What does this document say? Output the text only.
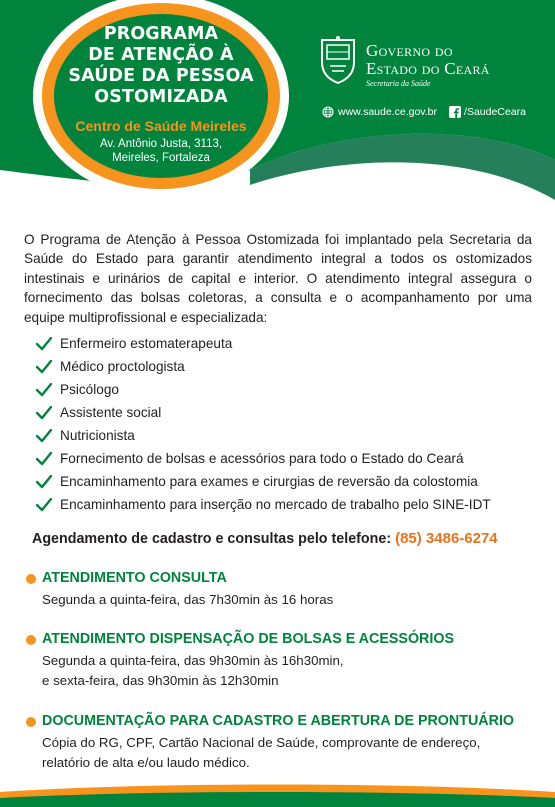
PROGRAMA
DE ATENÇÃO À
SAÚDE DA PESSOA
OSTOMIZADA
Centro de Saúde Meireles
Av. Antônio Justa, 3113,
Meireles, Fortaleza
Governo do
Estado do Ceará
Secretaria da Saúde
www.saude.ce.gov.br	/SaudeCeara

O Programa de Atenção à Pessoa Ostomizada foi implantado pela Secretaria da Saúde do Estado para garantir atendimento integral a todos os ostomizados intestinais e urinários de capital e interior. O atendimento integral assegura o fornecimento das bolsas coletoras, a consulta e o acompanhamento por uma equipe multiprofissional e especializada:

Enfermeiro estomaterapeuta
Médico proctologista
Psicólogo
Assistente social
Nutricionista
Fornecimento de bolsas e acessórios para todo o Estado do Ceará
Encaminhamento para exames e cirurgias de reversão da colostomia
Encaminhamento para inserção no mercado de trabalho pelo SINE-IDT
Agendamento de cadastro e consultas pelo telefone: (85) 3486-6274
ATENDIMENTO CONSULTA
Segunda a quinta-feira, das 7h30min às 16 horas
ATENDIMENTO DISPENSAÇÃO DE BOLSAS E ACESSÓRIOS
Segunda a quinta-feira, das 9h30min às 16h30min,
e sexta-feira, das 9h30min às 12h30min
DOCUMENTAÇÃO PARA CADASTRO E ABERTURA DE PRONTUÁRIO
Cópia do RG, CPF, Cartão Nacional de Saúde, comprovante de endereço,
relatório de alta e/ou laudo médico.
